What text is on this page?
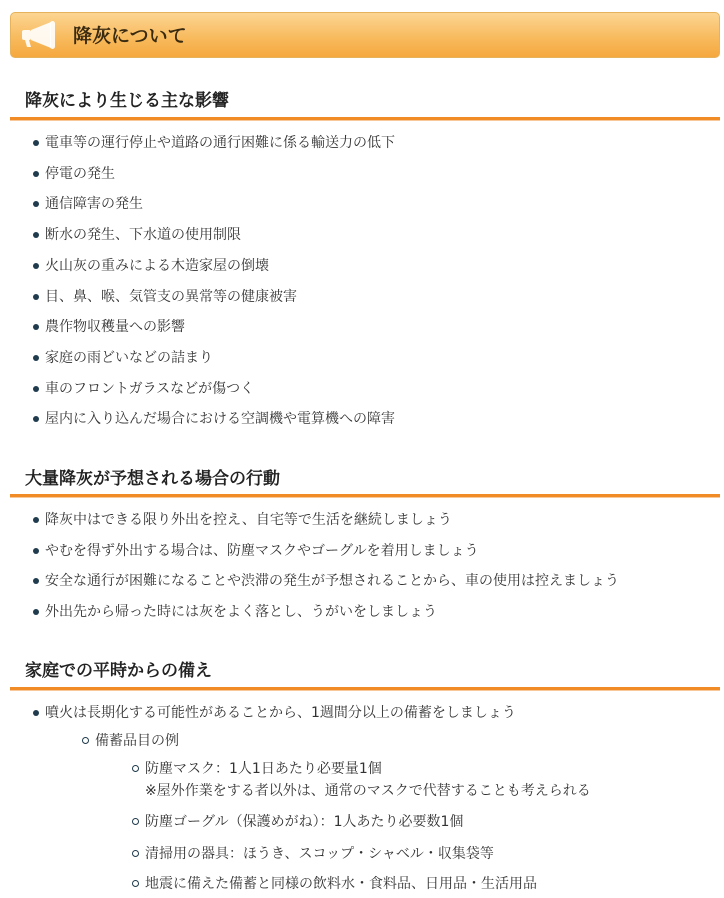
降灰について
降灰により生じる主な影響
電車等の運行停止や道路の通行困難に係る輸送力の低下
停電の発生
通信障害の発生
断水の発生、下水道の使用制限
火山灰の重みによる木造家屋の倒壊
目、鼻、喉、気管支の異常等の健康被害
農作物収穫量への影響
家庭の雨どいなどの詰まり
車のフロントガラスなどが傷つく
屋内に入り込んだ場合における空調機や電算機への障害
大量降灰が予想される場合の行動
降灰中はできる限り外出を控え、自宅等で生活を継続しましょう
やむを得ず外出する場合は、防塵マスクやゴーグルを着用しましょう
安全な通行が困難になることや渋滞の発生が予想されることから、車の使用は控えましょう
外出先から帰った時には灰をよく落とし、うがいをしましょう
家庭での平時からの備え
噴火は長期化する可能性があることから、1週間分以上の備蓄をしましょう
備蓄品目の例
防塵マスク：1人1日あたり必要量1個
※屋外作業をする者以外は、通常のマスクで代替することも考えられる
防塵ゴーグル（保護めがね）：1人あたり必要数1個
清掃用の器具：ほうき、スコップ・シャベル・収集袋等
地震に備えた備蓄と同様の飲料水・食料品、日用品・生活用品
